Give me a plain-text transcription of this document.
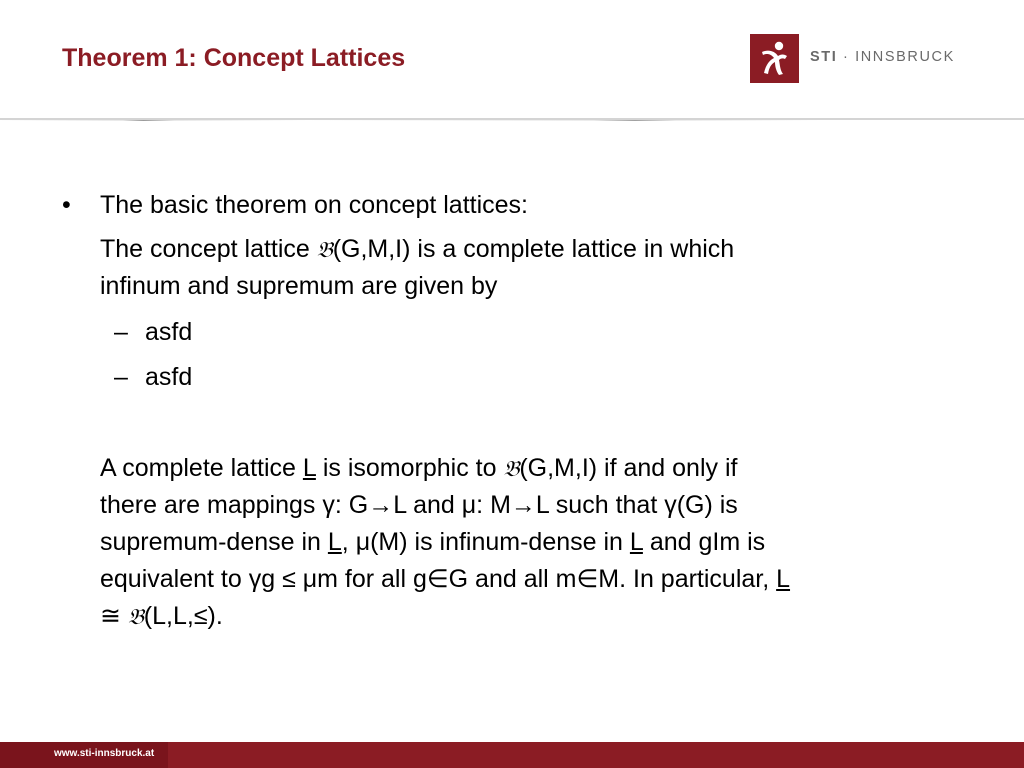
Theorem 1: Concept Lattices	STI · INNSBRUCK
• The basic theorem on concept lattices:
The concept lattice 𝔅(G,M,I) is a complete lattice in which
infinum and supremum are given by
– asfd
– asfd
A complete lattice L is isomorphic to 𝔅(G,M,I) if and only if
there are mappings γ: G→L and μ: M→L such that γ(G) is
supremum-dense in L, μ(M) is infinum-dense in L and gIm is
equivalent to γg ≤ μm for all g∈G and all m∈M. In particular, L
≅ 𝔅(L,L,≤).
www.sti-innsbruck.at
